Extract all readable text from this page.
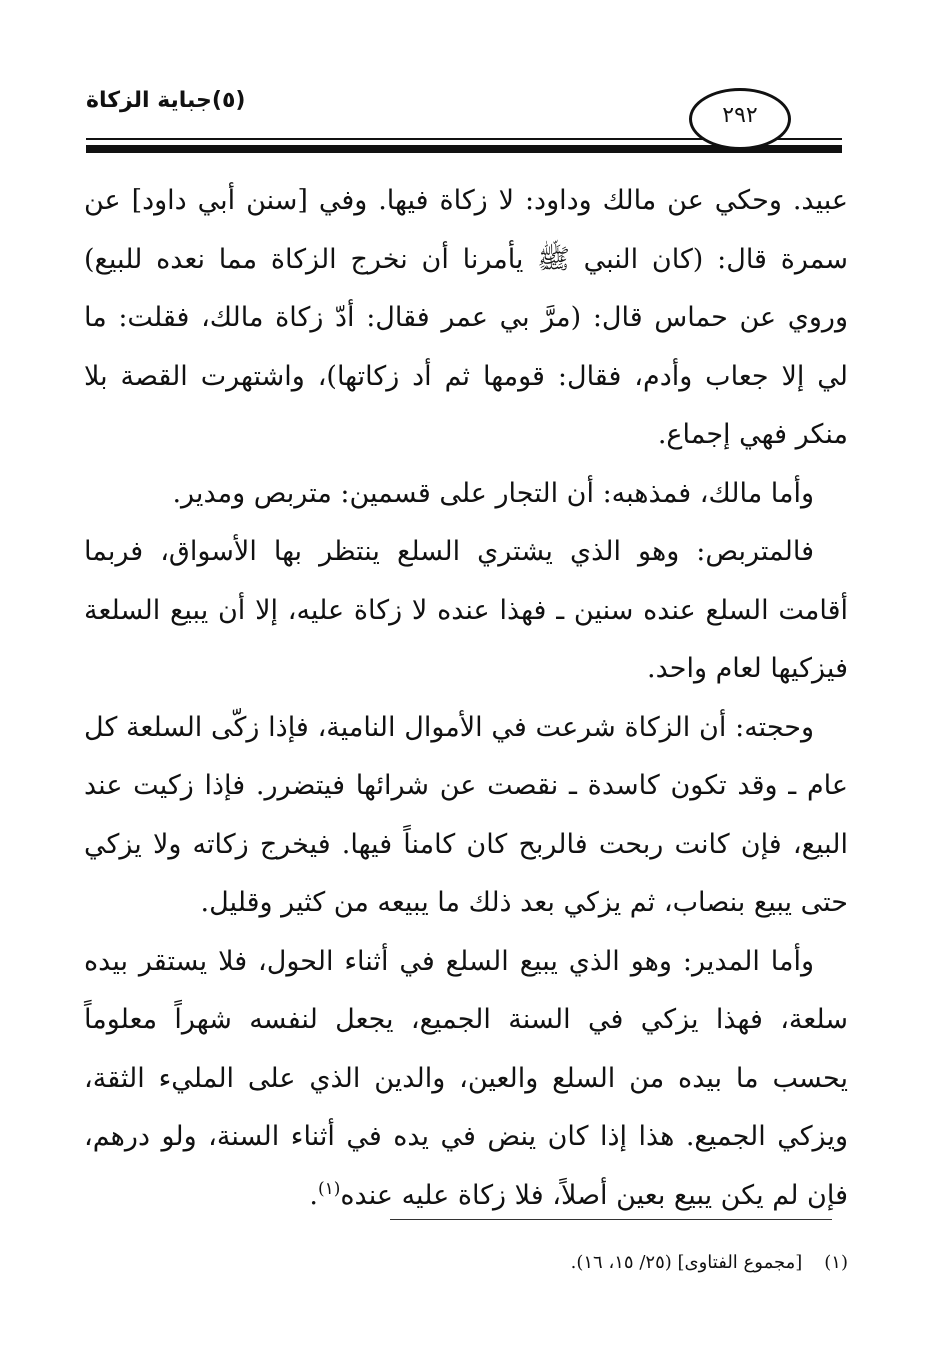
(٥)جباية الزكاة
٢٩٢

عبيد. وحكي عن مالك وداود: لا زكاة فيها. وفي [سنن أبي داود] عن سمرة قال: (كان النبي ﷺ يأمرنا أن نخرج الزكاة مما نعده للبيع) وروي عن حماس قال: (مرَّ بي عمر فقال: أدّ زكاة مالك، فقلت: ما لي إلا جعاب وأدم، فقال: قومها ثم أد زكاتها)، واشتهرت القصة بلا منكر فهي إجماع.

وأما مالك، فمذهبه: أن التجار على قسمين: متربص ومدير.

فالمتربص: وهو الذي يشتري السلع ينتظر بها الأسواق، فربما أقامت السلع عنده سنين ـ فهذا عنده لا زكاة عليه، إلا أن يبيع السلعة فيزكيها لعام واحد.

وحجته: أن الزكاة شرعت في الأموال النامية، فإذا زكّى السلعة كل عام ـ وقد تكون كاسدة ـ نقصت عن شرائها فيتضرر. فإذا زكيت عند البيع، فإن كانت ربحت فالربح كان كامناً فيها. فيخرج زكاته ولا يزكي حتى يبيع بنصاب، ثم يزكي بعد ذلك ما يبيعه من كثير وقليل.

وأما المدير: وهو الذي يبيع السلع في أثناء الحول، فلا يستقر بيده سلعة، فهذا يزكي في السنة الجميع، يجعل لنفسه شهراً معلوماً يحسب ما بيده من السلع والعين، والدين الذي على المليء الثقة، ويزكي الجميع. هذا إذا كان ينض في يده في أثناء السنة، ولو درهم، فإن لم يكن يبيع بعين أصلاً، فلا زكاة عليه عنده$^{(١)}$.

(١)[مجموع الفتاوى] (٢٥/ ١٥، ١٦).
